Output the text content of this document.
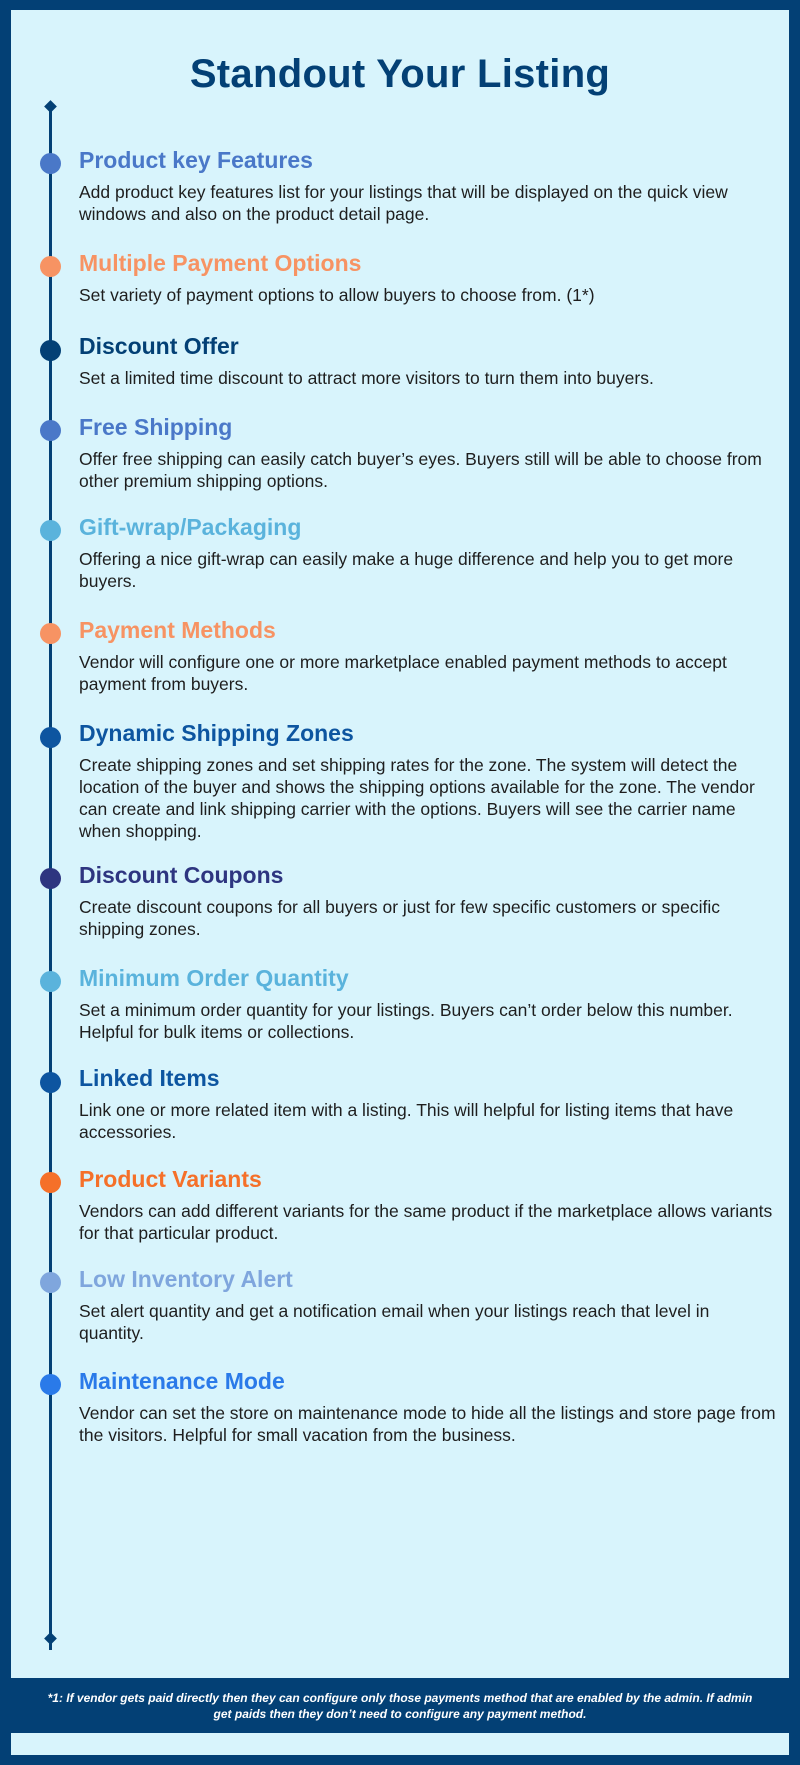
Standout Your Listing
Product key Features

Add product key features list for your listings that will be displayed on the quick view windows and also on the product detail page.

Multiple Payment Options

Set variety of payment options to allow buyers to choose from. (1*)

Discount Offer

Set a limited time discount to attract more visitors to turn them into buyers.

Free Shipping

Offer free shipping can easily catch buyer’s eyes. Buyers still will be able to choose from other premium shipping options.

Gift-wrap/Packaging

Offering a nice gift-wrap can easily make a huge difference and help you to get more buyers.

Payment Methods

Vendor will configure one or more marketplace enabled payment methods to accept payment from buyers.

Dynamic Shipping Zones

Create shipping zones and set shipping rates for the zone. The system will detect the location of the buyer and shows the shipping options available for the zone. The vendor can create and link shipping carrier with the options. Buyers will see the carrier name when shopping.

Discount Coupons

Create discount coupons for all buyers or just for few specific customers or specific shipping zones.

Minimum Order Quantity

Set a minimum order quantity for your listings. Buyers can’t order below this number. Helpful for bulk items or collections.

Linked Items

Link one or more related item with a listing. This will helpful for listing items that have accessories.

Product Variants

Vendors can add different variants for the same product if the marketplace allows variants for that particular product.

Low Inventory Alert

Set alert quantity and get a notification email when your listings reach that level in quantity.

Maintenance Mode

Vendor can set the store on maintenance mode to hide all the listings and store page from the visitors. Helpful for small vacation from the business.

*1: If vendor gets paid directly then they can configure only those payments method that are enabled by the admin. If admin get paids then they don’t need to configure any payment method.
